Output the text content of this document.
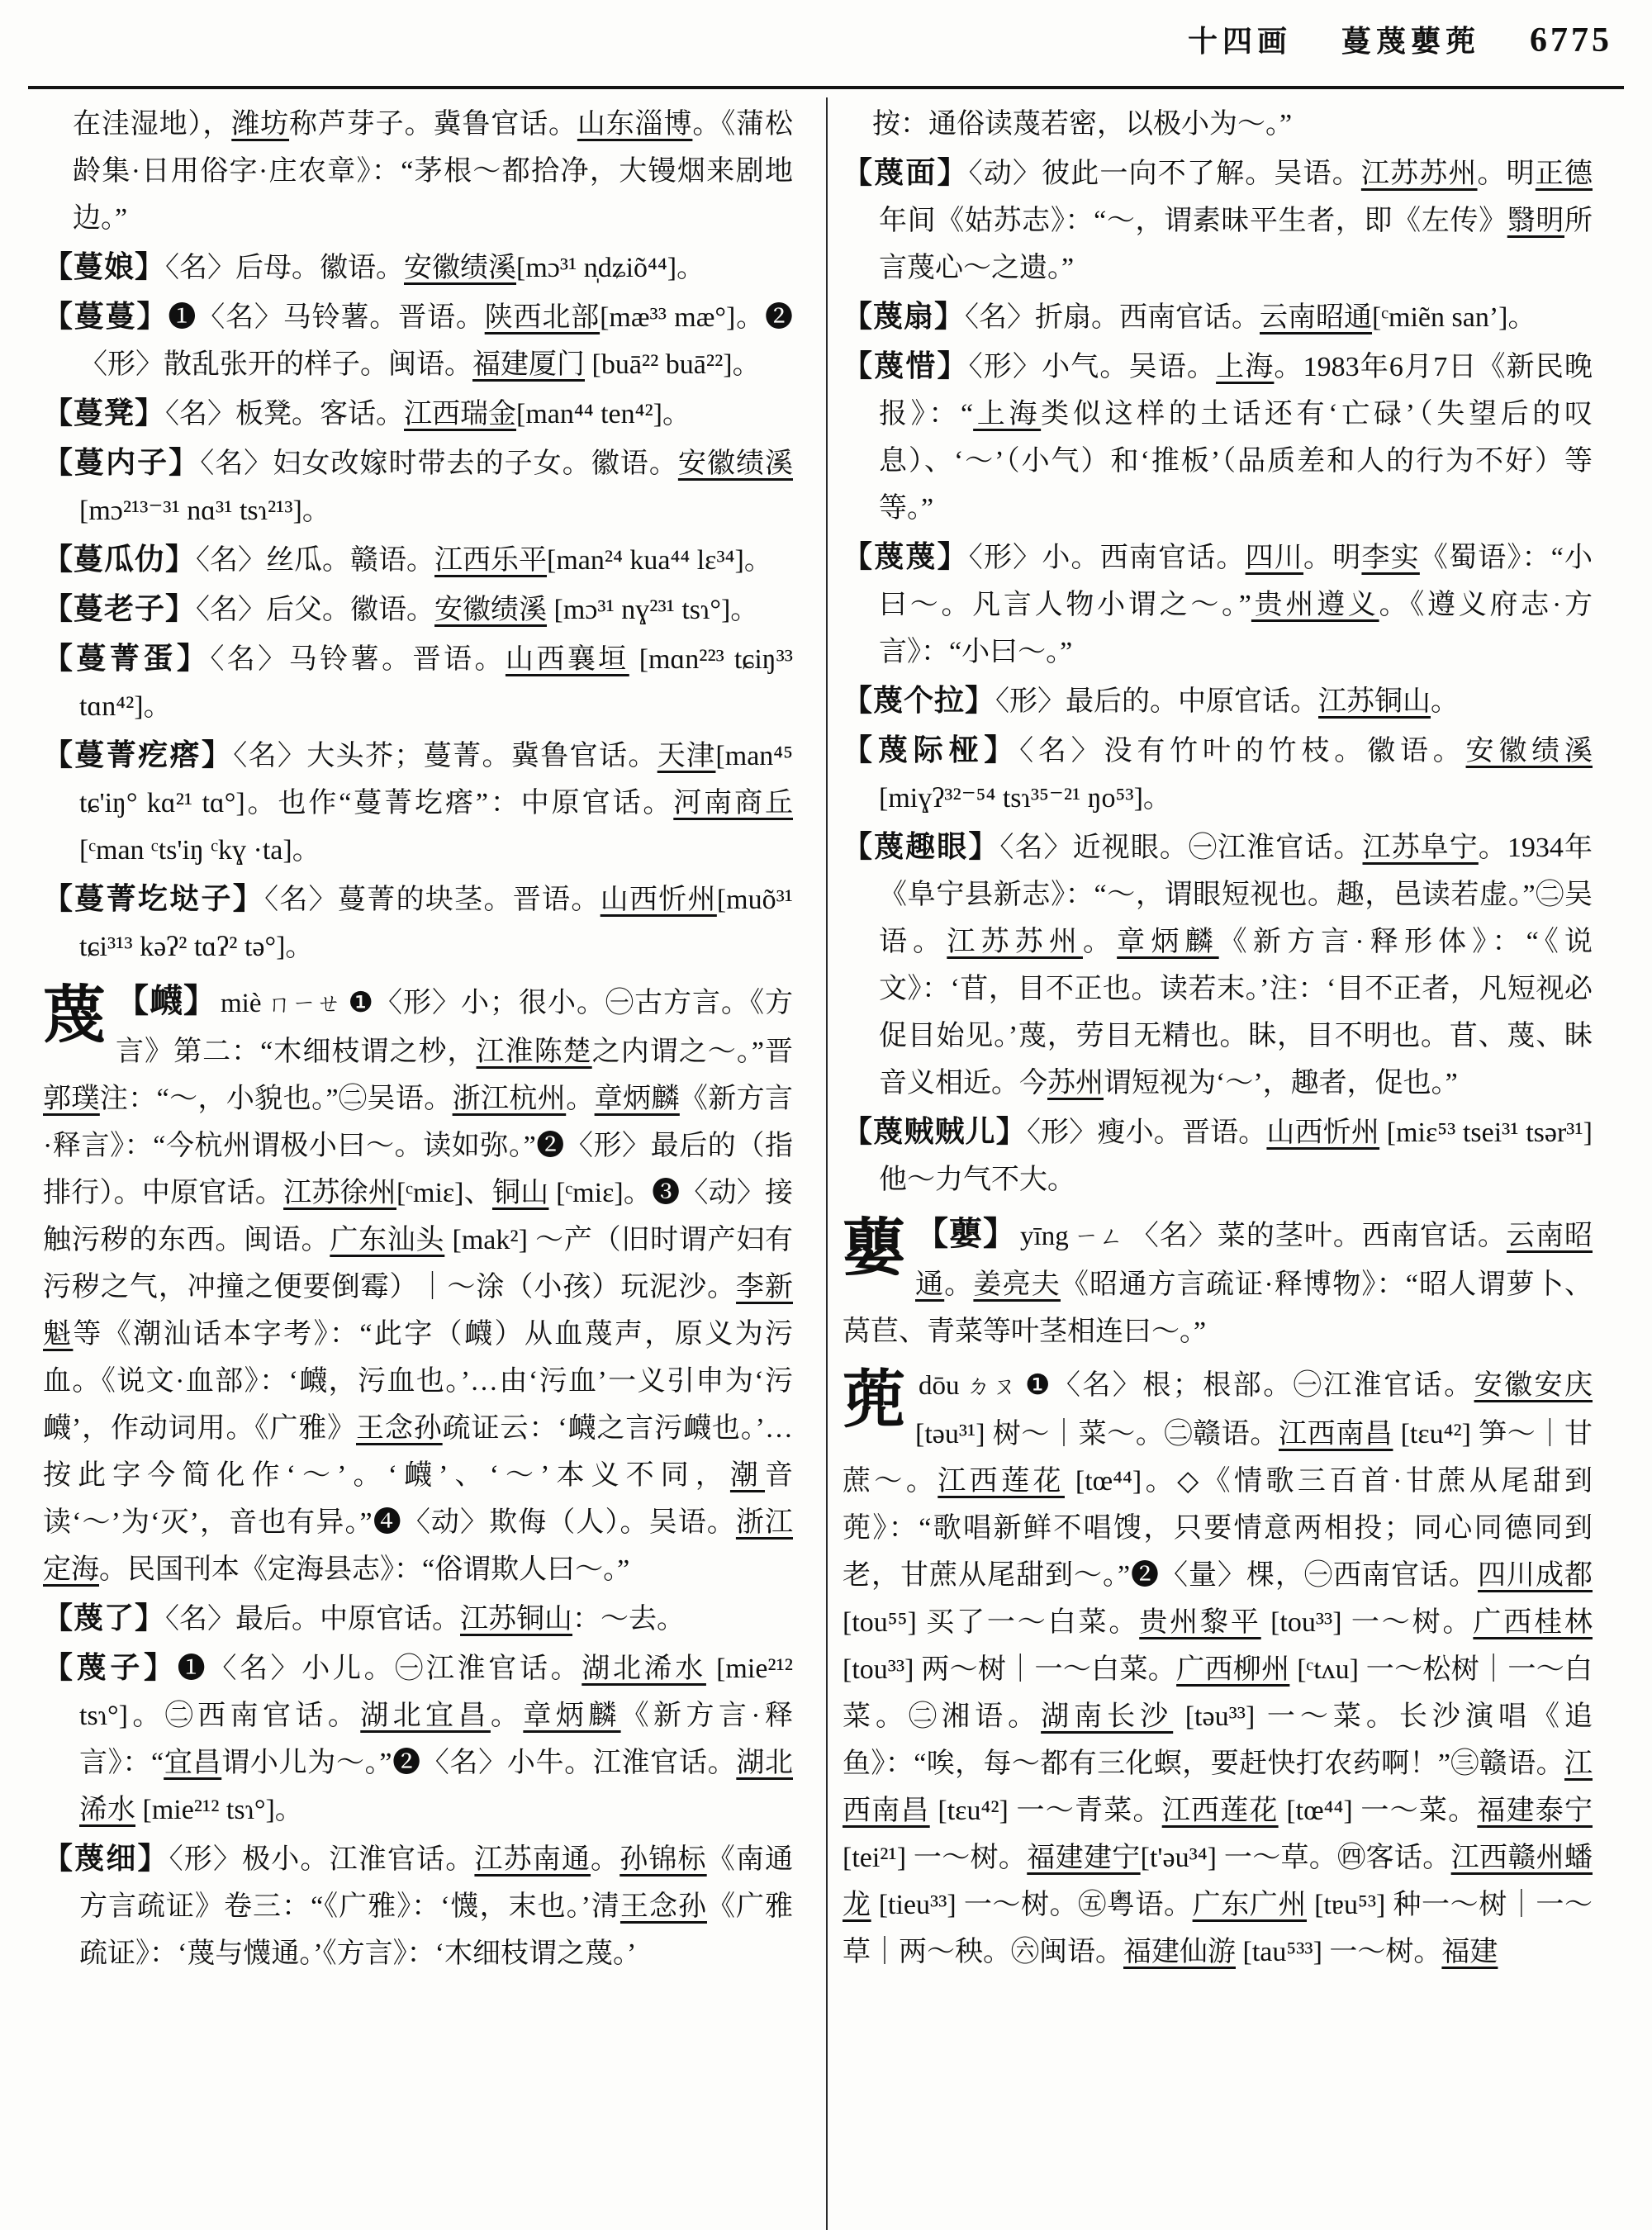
十四画 蔓蔑蘡蔸 6775

在洼湿地），潍坊称芦芽子。冀鲁官话。山东淄博。《蒲松龄集·日用俗字·庄农章》：“茅根～都拾净，大镘烟来剧地边。”

【蔓娘】〈名〉后母。徽语。安徽绩溪[mɔ³¹ n̩dʑiõ⁴⁴]。

【蔓蔓】❶〈名〉马铃薯。晋语。陕西北部[mæ³³ mæ°]。❷〈形〉散乱张开的样子。闽语。福建厦门 [buā²² buā²²]。

【蔓凳】〈名〉板凳。客话。江西瑞金[man⁴⁴ ten⁴²]。

【蔓内子】〈名〉妇女改嫁时带去的子女。徽语。安徽绩溪[mɔ²¹³⁻³¹ nɑ³¹ tsɿ²¹³]。

【蔓瓜仂】〈名〉丝瓜。赣语。江西乐平[man²⁴ kua⁴⁴ lɛ³⁴]。

【蔓老子】〈名〉后父。徽语。安徽绩溪 [mɔ³¹ nɣ²³¹ tsɿ°]。

【蔓菁蛋】〈名〉马铃薯。晋语。山西襄垣 [mɑn²²³ tɕiŋ³³ tɑn⁴²]。

【蔓菁疙瘩】〈名〉大头芥；蔓菁。冀鲁官话。天津[man⁴⁵ tɕ'iŋ° kɑ²¹ tɑ°]。也作“蔓菁圪瘩”：中原官话。河南商丘 [ᶜman ᶜts'iŋ ᶜkɣ ·ta]。

【蔓菁圪垯子】〈名〉蔓菁的块茎。晋语。山西忻州[muõ³¹ tɕi³¹³ kəʔ² tɑʔ² tə°]。

蔑 【衊】 miè ㄇㄧㄝ ❶〈形〉小；很小。㊀古方言。《方言》第二：“木细枝谓之杪，江淮陈楚之内谓之～。”晋郭璞注：“～，小貌也。”㊁吴语。浙江杭州。章炳麟《新方言·释言》：“今杭州谓极小曰～。读如弥。”❷〈形〉最后的（指排行）。中原官话。江苏徐州[ᶜmiɛ]、铜山 [ᶜmiɛ]。❸〈动〉接触污秽的东西。闽语。广东汕头 [mak²] ～产（旧时谓产妇有污秽之气，冲撞之便要倒霉）｜～涂（小孩）玩泥沙。李新魁等《潮汕话本字考》：“此字（衊）从血蔑声，原义为污血。《说文·血部》：‘衊，污血也。’…由‘污血’一义引申为‘污衊’，作动词用。《广雅》王念孙疏证云：‘衊之言污衊也。’…按此字今简化作‘～’。‘衊’、‘～’本义不同，潮音读‘～’为‘灭’，音也有异。”❹〈动〉欺侮（人）。吴语。浙江定海。民国刊本《定海县志》：“俗谓欺人曰～。”

【蔑了】〈名〉最后。中原官话。江苏铜山：～去。

【蔑子】❶〈名〉小儿。㊀江淮官话。湖北浠水 [mie²¹² tsɿ°]。㊁西南官话。湖北宜昌。章炳麟《新方言·释言》：“宜昌谓小儿为～。”❷〈名〉小牛。江淮官话。湖北浠水 [mie²¹² tsɿ°]。

【蔑细】〈形〉极小。江淮官话。江苏南通。孙锦标《南通方言疏证》卷三：“《广雅》：‘懱，末也。’清王念孙《广雅疏证》：‘蔑与懱通。’《方言》：‘木细枝谓之蔑。’

按：通俗读蔑若密，以极小为～。”

【蔑面】〈动〉彼此一向不了解。吴语。江苏苏州。明正德年间《姑苏志》：“～，谓素昧平生者，即《左传》翳明所言蔑心～之遗。”

【蔑扇】〈名〉折扇。西南官话。云南昭通[ᶜmiẽn san’]。

【蔑惜】〈形〉小气。吴语。上海。1983年6月7日《新民晚报》：“上海类似这样的土话还有‘亡碌’（失望后的叹息）、‘～’（小气）和‘推板’（品质差和人的行为不好）等等。”

【蔑蔑】〈形〉小。西南官话。四川。明李实《蜀语》：“小曰～。凡言人物小谓之～。”贵州遵义。《遵义府志·方言》：“小曰～。”

【蔑个拉】〈形〉最后的。中原官话。江苏铜山。

【蔑际桠】〈名〉没有竹叶的竹枝。徽语。安徽绩溪[miɣʔ³²⁻⁵⁴ tsɿ³⁵⁻²¹ ŋo⁵³]。

【蔑趣眼】〈名〉近视眼。㊀江淮官话。江苏阜宁。1934年《阜宁县新志》：“～，谓眼短视也。趣，邑读若虚。”㊁吴语。江苏苏州。章炳麟《新方言·释形体》：“《说文》：‘苜，目不正也。读若末。’注：‘目不正者，凡短视必促目始见。’蔑，劳目无精也。眛，目不明也。苜、蔑、眛音义相近。今苏州谓短视为‘～’，趣者，促也。”

【蔑贼贼儿】〈形〉瘦小。晋语。山西忻州 [miɛ⁵³ tsei³¹ tsər³¹] 他～力气不大。

蘡 【蘡】 yīng ㄧㄥ 〈名〉菜的茎叶。西南官话。云南昭通。姜亮夫《昭通方言疏证·释博物》：“昭人谓萝卜、莴苣、青菜等叶茎相连曰～。”
蔸dōu ㄉㄡ ❶〈名〉根；根部。㊀江淮官话。安徽安庆 [təu³¹] 树～｜菜～。㊁赣语。江西南昌 [tɛu⁴²] 笋～｜甘蔗～。江西莲花 [tœ⁴⁴]。◇《情歌三百首·甘蔗从尾甜到蔸》：“歌唱新鲜不唱馊，只要情意两相投；同心同德同到老，甘蔗从尾甜到～。”❷〈量〉棵，㊀西南官话。四川成都 [tou⁵⁵] 买了一～白菜。贵州黎平 [tou³³] 一～树。广西桂林 [tou³³] 两～树｜一～白菜。广西柳州 [ᶜtʌu] 一～松树｜一～白菜。㊁湘语。湖南长沙 [təu³³] 一～菜。长沙演唱《追鱼》：“唉，每～都有三化螟，要赶快打农药啊！”㊂赣语。江西南昌 [tɛu⁴²] 一～青菜。江西莲花 [tœ⁴⁴] 一～菜。福建泰宁 [tei²¹] 一～树。福建建宁[t'əu³⁴] 一～草。㊃客话。江西赣州蟠龙 [tieu³³] 一～树。㊄粤语。广东广州 [tɐu⁵³] 种一～树｜一～草｜两～秧。㊅闽语。福建仙游 [tau⁵³³] 一～树。福建
